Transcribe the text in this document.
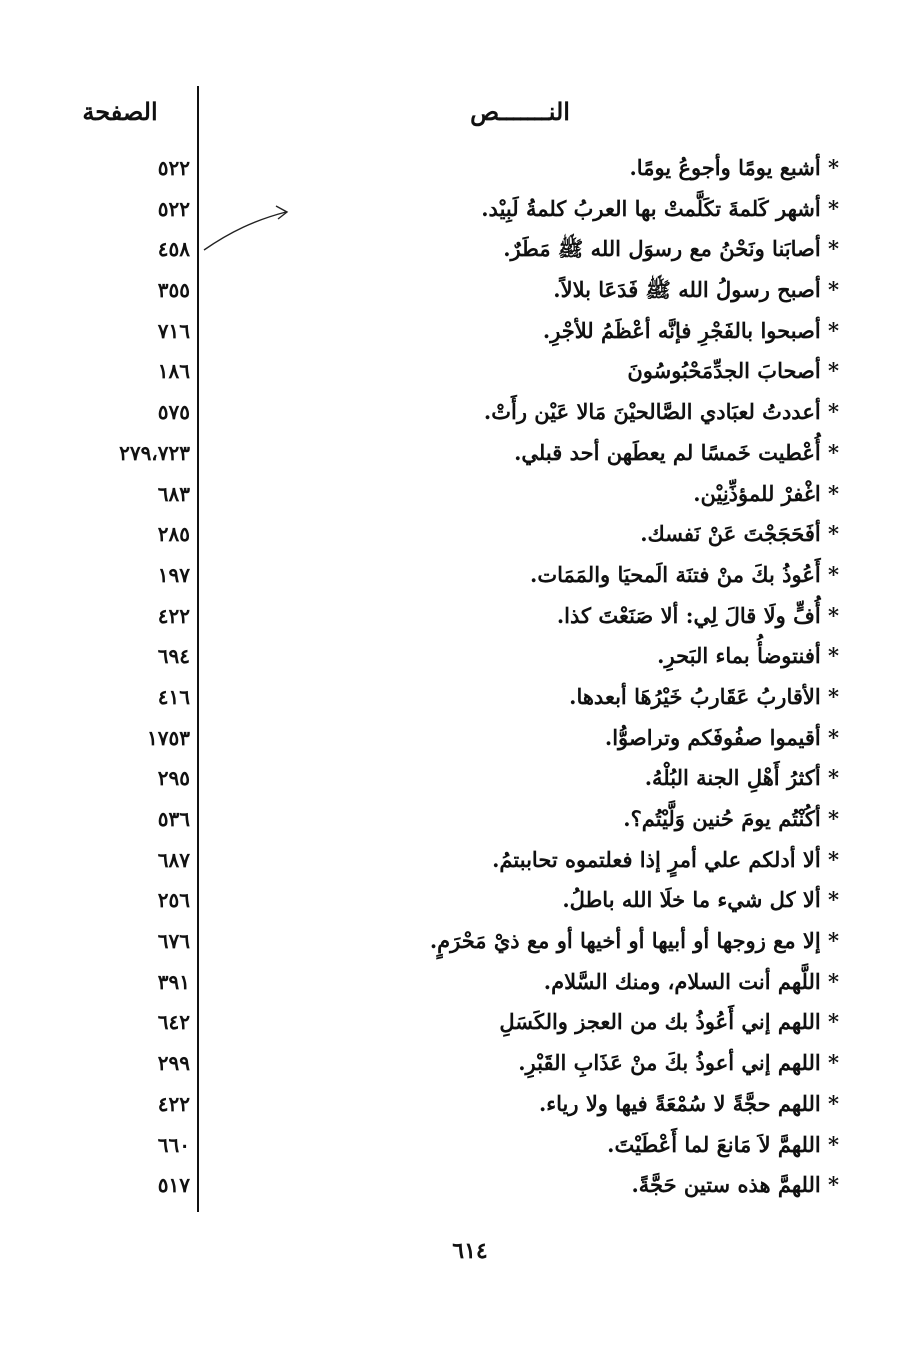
النـــــــص
الصفحة
* أشبع يومًا وأجوعُ يومًا.
٥٢٢
* أشهر كَلمةَ تكَلَّمتْ بها العربُ كلمةُ لَبِيْد.
٥٢٢
* أصابَنا ونَحْنُ مع رسوَل الله ﷺ مَطَرٌ.
٤٥٨
* أصبح رسولُ الله ﷺ فَدَعَا بلالاً.
٣٥٥
* أصبحوا بالفَجْرِ فإنَّه أعْظَمُ للأجْرِ.
٧١٦
* أصحابَ الجدِّمَحْبُوسُونَ
١٨٦
* أعددتُ لعبَادي الصَّالحيْنَ مَالا عَيْن رأَتْ.
٥٧٥
* أُعْطيت خَمسًا لم يعطَهن أحد قبلي.
٢٧٩،٧٢٣
* اغْفرْ للمؤذِّنِيْن.
٦٨٣
* أفَحَجَجْتَ عَنْ نَفسك.
٢٨٥
* أَعُوذُ بكَ منْ فتنَة الَمحيَا والمَمَات.
١٩٧
* أُفٍّ ولَا قالَ لِي: ألا صَنَعْتَ كذا.
٤٢٢
* أفنتوضأُ بماء البَحرِ.
٦٩٤
* الأقاربُ عَقَاربُ خَيْرُهَا أبعدها.
٤١٦
* أقيموا صفُوفَكم وتراصوُّا.
١٧٥٣
* أكثرُ أَهْلِ الجنة البُلْهُ.
٢٩٥
* أكُنْتُم يومَ حُنين وَلَّيْتُم؟.
٥٣٦
* ألا أدلكم علي أمرٍ إذا فعلتموه تحاببتمُ.
٦٨٧
* ألا كل شيء ما خلَا الله باطلُ.
٢٥٦
* إلا مع زوجها أو أبيها أو أخيها أو مع ذيْ مَحْرَمٍ.
٦٧٦
* اللَّهم أنت السلام، ومنك السَّلام.
٣٩١
* اللهم إني أَعُوذُ بك من العجز والكَسَلِ
٦٤٢
* اللهم إني أعوذُ بكَ منْ عَذَابِ القَبْرِ.
٢٩٩
* اللهم حجَّةً لا سُمْعَةً فيها ولا رياء.
٤٢٢
* اللهمَّ لاَ مَانعَ لما أَعْطَيْتَ.
٦٦٠
* اللهمَّ هذه ستين حَجَّةً.
٥١٧
٦١٤
